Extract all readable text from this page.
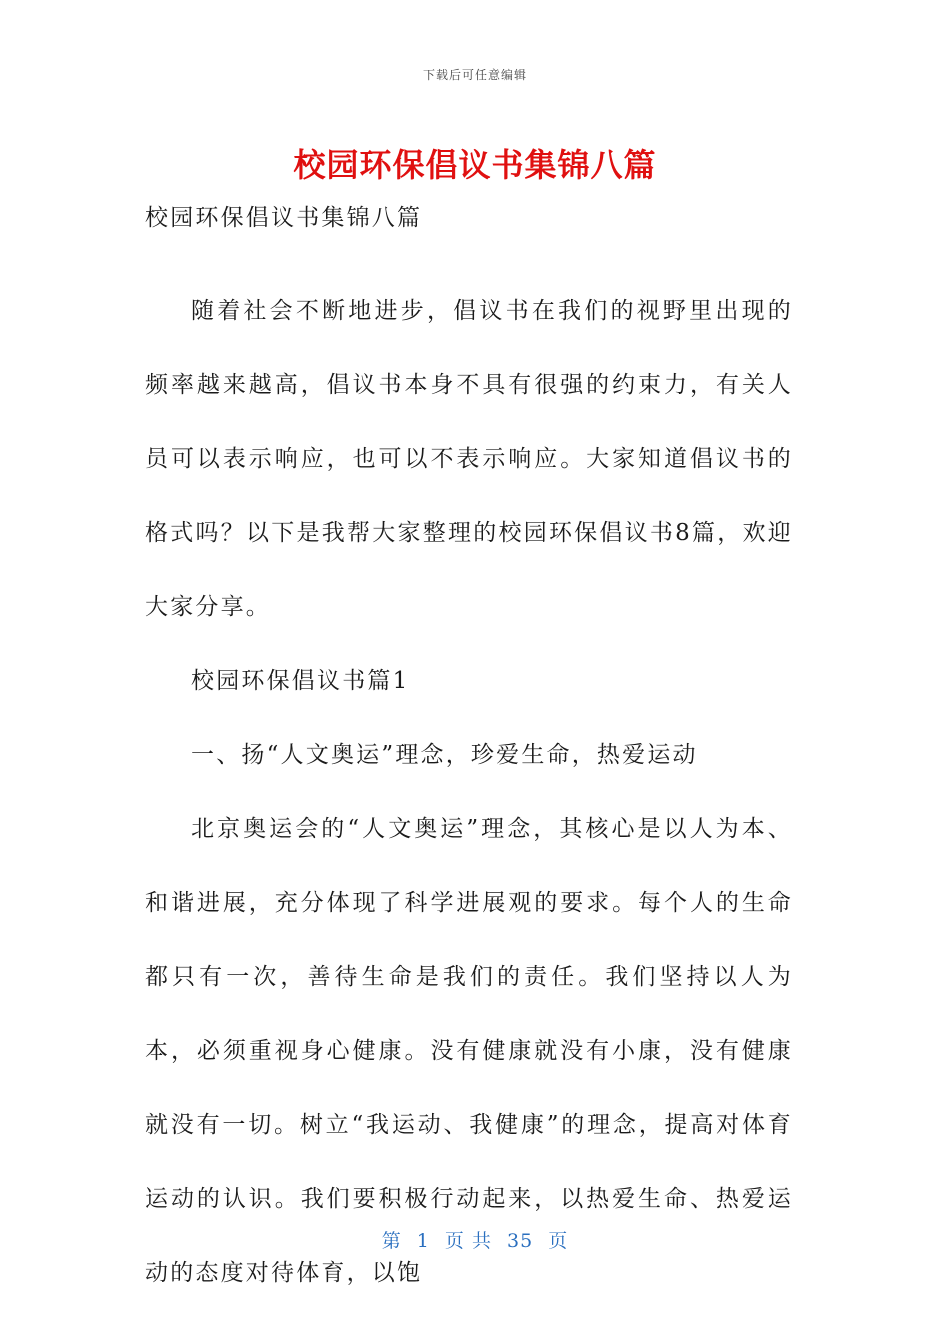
下载后可任意编辑
校园环保倡议书集锦八篇
校园环保倡议书集锦八篇

随着社会不断地进步，倡议书在我们的视野里出现的频率越来越高，倡议书本身不具有很强的约束力，有关人员可以表示响应，也可以不表示响应。大家知道倡议书的格式吗？以下是我帮大家整理的校园环保倡议书8篇，欢迎大家分享。

校园环保倡议书篇1

一、扬“人文奥运”理念，珍爱生命，热爱运动

北京奥运会的“人文奥运”理念，其核心是以人为本、和谐进展，充分体现了科学进展观的要求。每个人的生命都只有一次，善待生命是我们的责任。我们坚持以人为本，必须重视身心健康。没有健康就没有小康，没有健康就没有一切。树立“我运动、我健康”的理念，提高对体育运动的认识。我们要积极行动起来，以热爱生命、热爱运动的态度对待体育，以饱

第 1 页 共 35 页
